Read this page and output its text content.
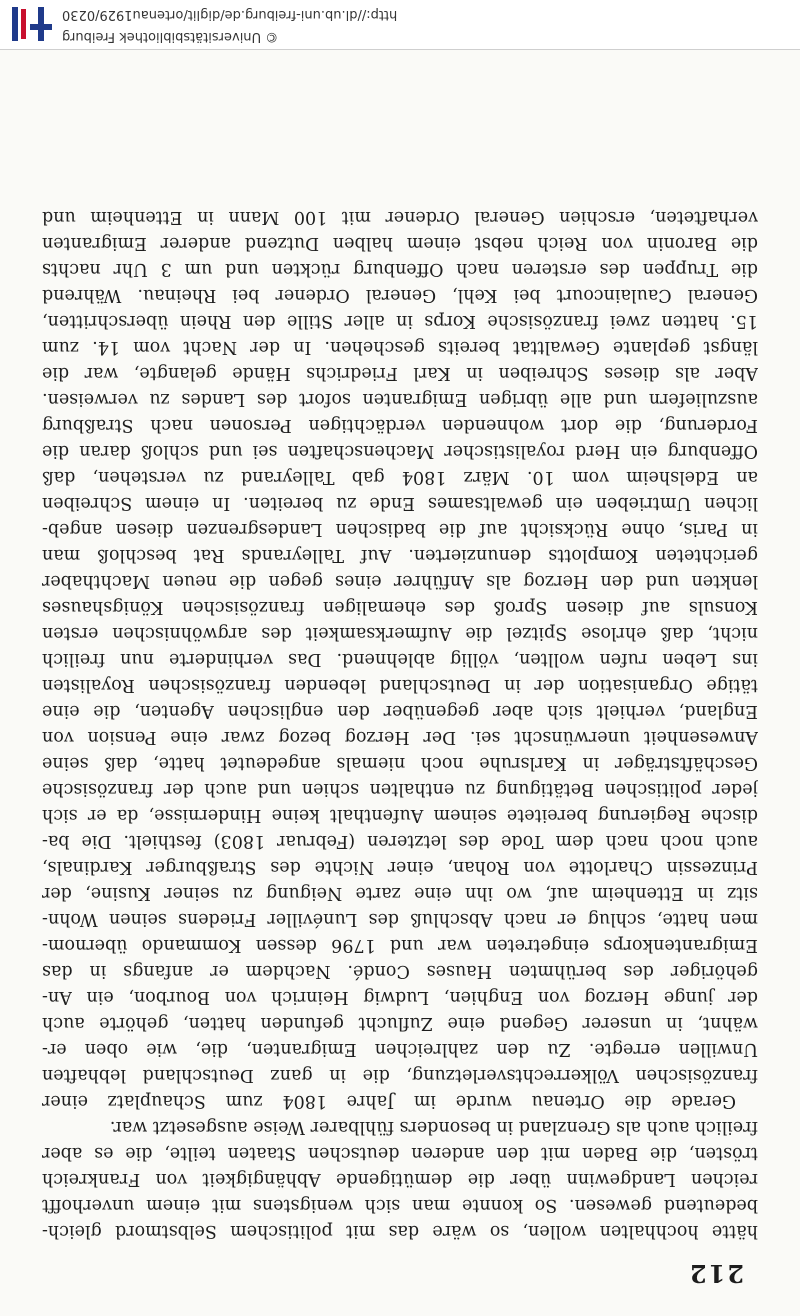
212
hätte hochhalten wollen, so wäre das mit politischem Selbstmord gleich-
bedeutend gewesen. So konnte man sich wenigstens mit einem unverhofft
reichen Landgewinn über die demütigende Abhängigkeit von Frankreich
trösten, die Baden mit den anderen deutschen Staaten teilte, die es aber
freilich auch als Grenzland in besonders fühlbarer Weise ausgesetzt war.
Gerade die Ortenau wurde im Jahre 1804 zum Schauplatz einer
französischen Völkerrechtsverletzung, die in ganz Deutschland lebhaften
Unwillen erregte. Zu den zahlreichen Emigranten, die, wie oben er-
wähnt, in unserer Gegend eine Zuflucht gefunden hatten, gehörte auch
der junge Herzog von Enghien, Ludwig Heinrich von Bourbon, ein An-
gehöriger des berühmten Hauses Condé. Nachdem er anfangs in das
Emigrantenkorps eingetreten war und 1796 dessen Kommando übernom-
men hatte, schlug er nach Abschluß des Lunéviller Friedens seinen Wohn-
sitz in Ettenheim auf, wo ihn eine zarte Neigung zu seiner Kusine, der
Prinzessin Charlotte von Rohan, einer Nichte des Straßburger Kardinals,
auch noch nach dem Tode des letzteren (Februar 1803) festhielt. Die ba-
dische Regierung bereitete seinem Aufenthalt keine Hindernisse, da er sich
jeder politischen Betätigung zu enthalten schien und auch der französische
Geschäftsträger in Karlsruhe noch niemals angedeutet hatte, daß seine
Anwesenheit unerwünscht sei. Der Herzog bezog zwar eine Pension von
England, verhielt sich aber gegenüber den englischen Agenten, die eine
tätige Organisation der in Deutschland lebenden französischen Royalisten
ins Leben rufen wollten, völlig ablehnend. Das verhinderte nun freilich
nicht, daß ehrlose Spitzel die Aufmerksamkeit des argwöhnischen ersten
Konsuls auf diesen Sproß des ehemaligen französischen Königshauses
lenkten und den Herzog als Anführer eines gegen die neuen Machthaber
gerichteten Komplotts denunzierten. Auf Talleyrands Rat beschloß man
in Paris, ohne Rücksicht auf die badischen Landesgrenzen diesen angeb-
lichen Umtrieben ein gewaltsames Ende zu bereiten. In einem Schreiben
an Edelsheim vom 10. März 1804 gab Talleyrand zu verstehen, daß
Offenburg ein Herd royalistischer Machenschaften sei und schloß daran die
Forderung, die dort wohnenden verdächtigen Personen nach Straßburg
auszuliefern und alle übrigen Emigranten sofort des Landes zu verweisen.
Aber als dieses Schreiben in Karl Friedrichs Hände gelangte, war die
längst geplante Gewalttat bereits geschehen. In der Nacht vom 14. zum
15. hatten zwei französische Korps in aller Stille den Rhein überschritten,
General Caulaincourt bei Kehl, General Ordener bei Rheinau. Während
die Truppen des ersteren nach Offenburg rückten und um 3 Uhr nachts
die Baronin von Reich nebst einem halben Dutzend anderer Emigranten
verhafteten, erschien General Ordener mit 100 Mann in Ettenheim und
© Universitätsbibliothek Freiburg
http://dl.ub.uni-freiburg.de/diglit/ortenau1929/0230
